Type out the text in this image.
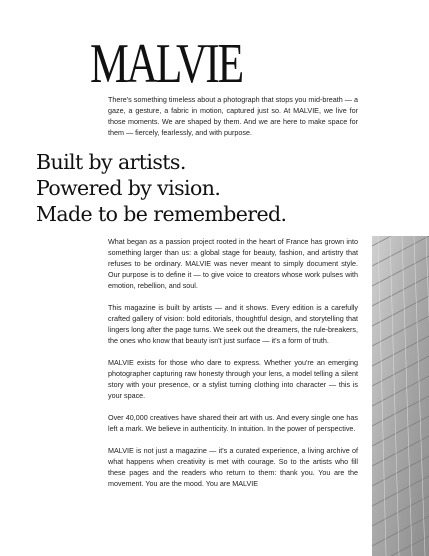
MALVIE

There's something timeless about a photograph that stops you mid-breath — a gaze, a gesture, a fabric in motion, captured just so. At MALVIE, we live for those moments. We are shaped by them. And we are here to make space for them — fiercely, fearlessly, and with purpose.

Built by artists.
Powered by vision.
Made to be remembered.

What began as a passion project rooted in the heart of France has grown into something larger than us: a global stage for beauty, fashion, and artistry that refuses to be ordinary. MALVIE was never meant to simply document style. Our purpose is to define it — to give voice to creators whose work pulses with emotion, rebellion, and soul.

This magazine is built by artists — and it shows. Every edition is a carefully crafted gallery of vision: bold editorials, thoughtful design, and storytelling that lingers long after the page turns. We seek out the dreamers, the rule-breakers, the ones who know that beauty isn't just surface — it's a form of truth.

MALVIE exists for those who dare to express. Whether you're an emerging photographer capturing raw honesty through your lens, a model telling a silent story with your presence, or a stylist turning clothing into character — this is your space.

Over 40,000 creatives have shared their art with us. And every single one has left a mark. We believe in authenticity. In intuition. In the power of perspective.

MALVIE is not just a magazine — it's a curated experience, a living archive of what happens when creativity is met with courage. So to the artists who fill these pages and the readers who return to them: thank you. You are the movement. You are the mood. You are MALVIE
